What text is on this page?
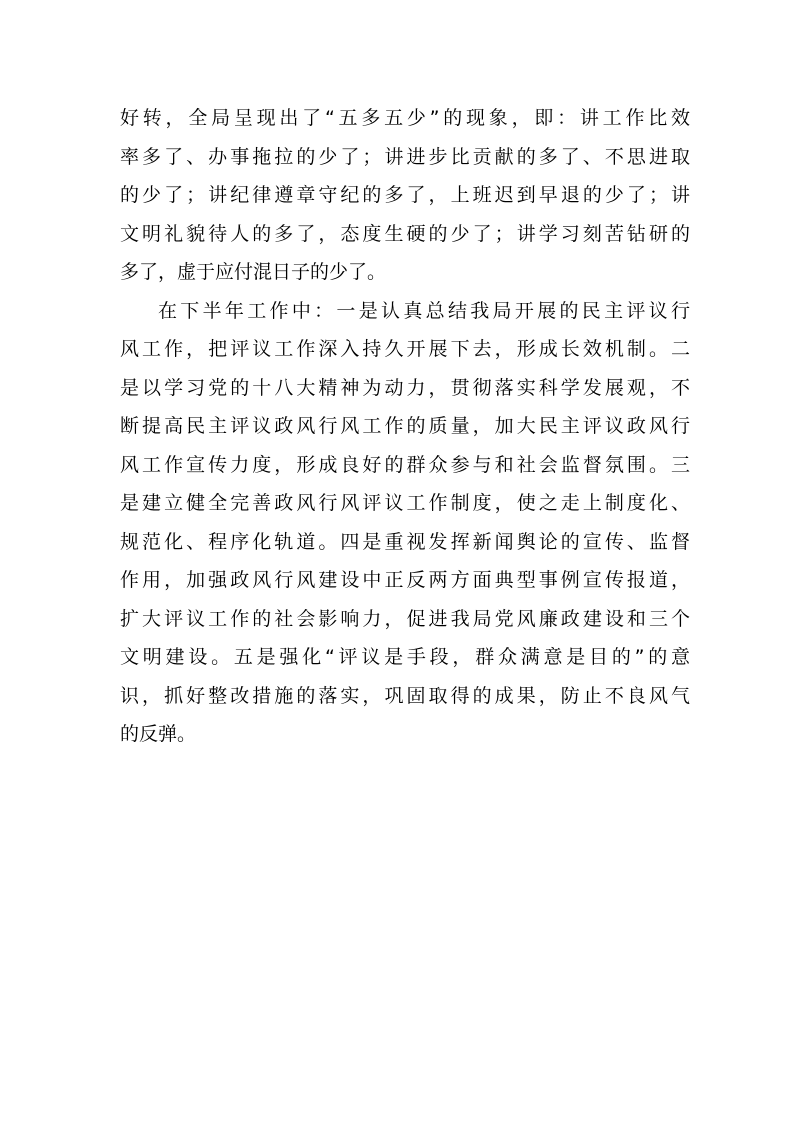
好转，全局呈现出了“五多五少”的现象，即：讲工作比效
率多了、办事拖拉的少了；讲进步比贡献的多了、不思进取
的少了；讲纪律遵章守纪的多了，上班迟到早退的少了；讲
文明礼貌待人的多了，态度生硬的少了；讲学习刻苦钻研的
多了，虚于应付混日子的少了。
在下半年工作中：一是认真总结我局开展的民主评议行
风工作，把评议工作深入持久开展下去，形成长效机制。二
是以学习党的十八大精神为动力，贯彻落实科学发展观，不
断提高民主评议政风行风工作的质量，加大民主评议政风行
风工作宣传力度，形成良好的群众参与和社会监督氛围。三
是建立健全完善政风行风评议工作制度，使之走上制度化、
规范化、程序化轨道。四是重视发挥新闻舆论的宣传、监督
作用，加强政风行风建设中正反两方面典型事例宣传报道，
扩大评议工作的社会影响力，促进我局党风廉政建设和三个
文明建设。五是强化“评议是手段，群众满意是目的”的意
识，抓好整改措施的落实，巩固取得的成果，防止不良风气
的反弹。
